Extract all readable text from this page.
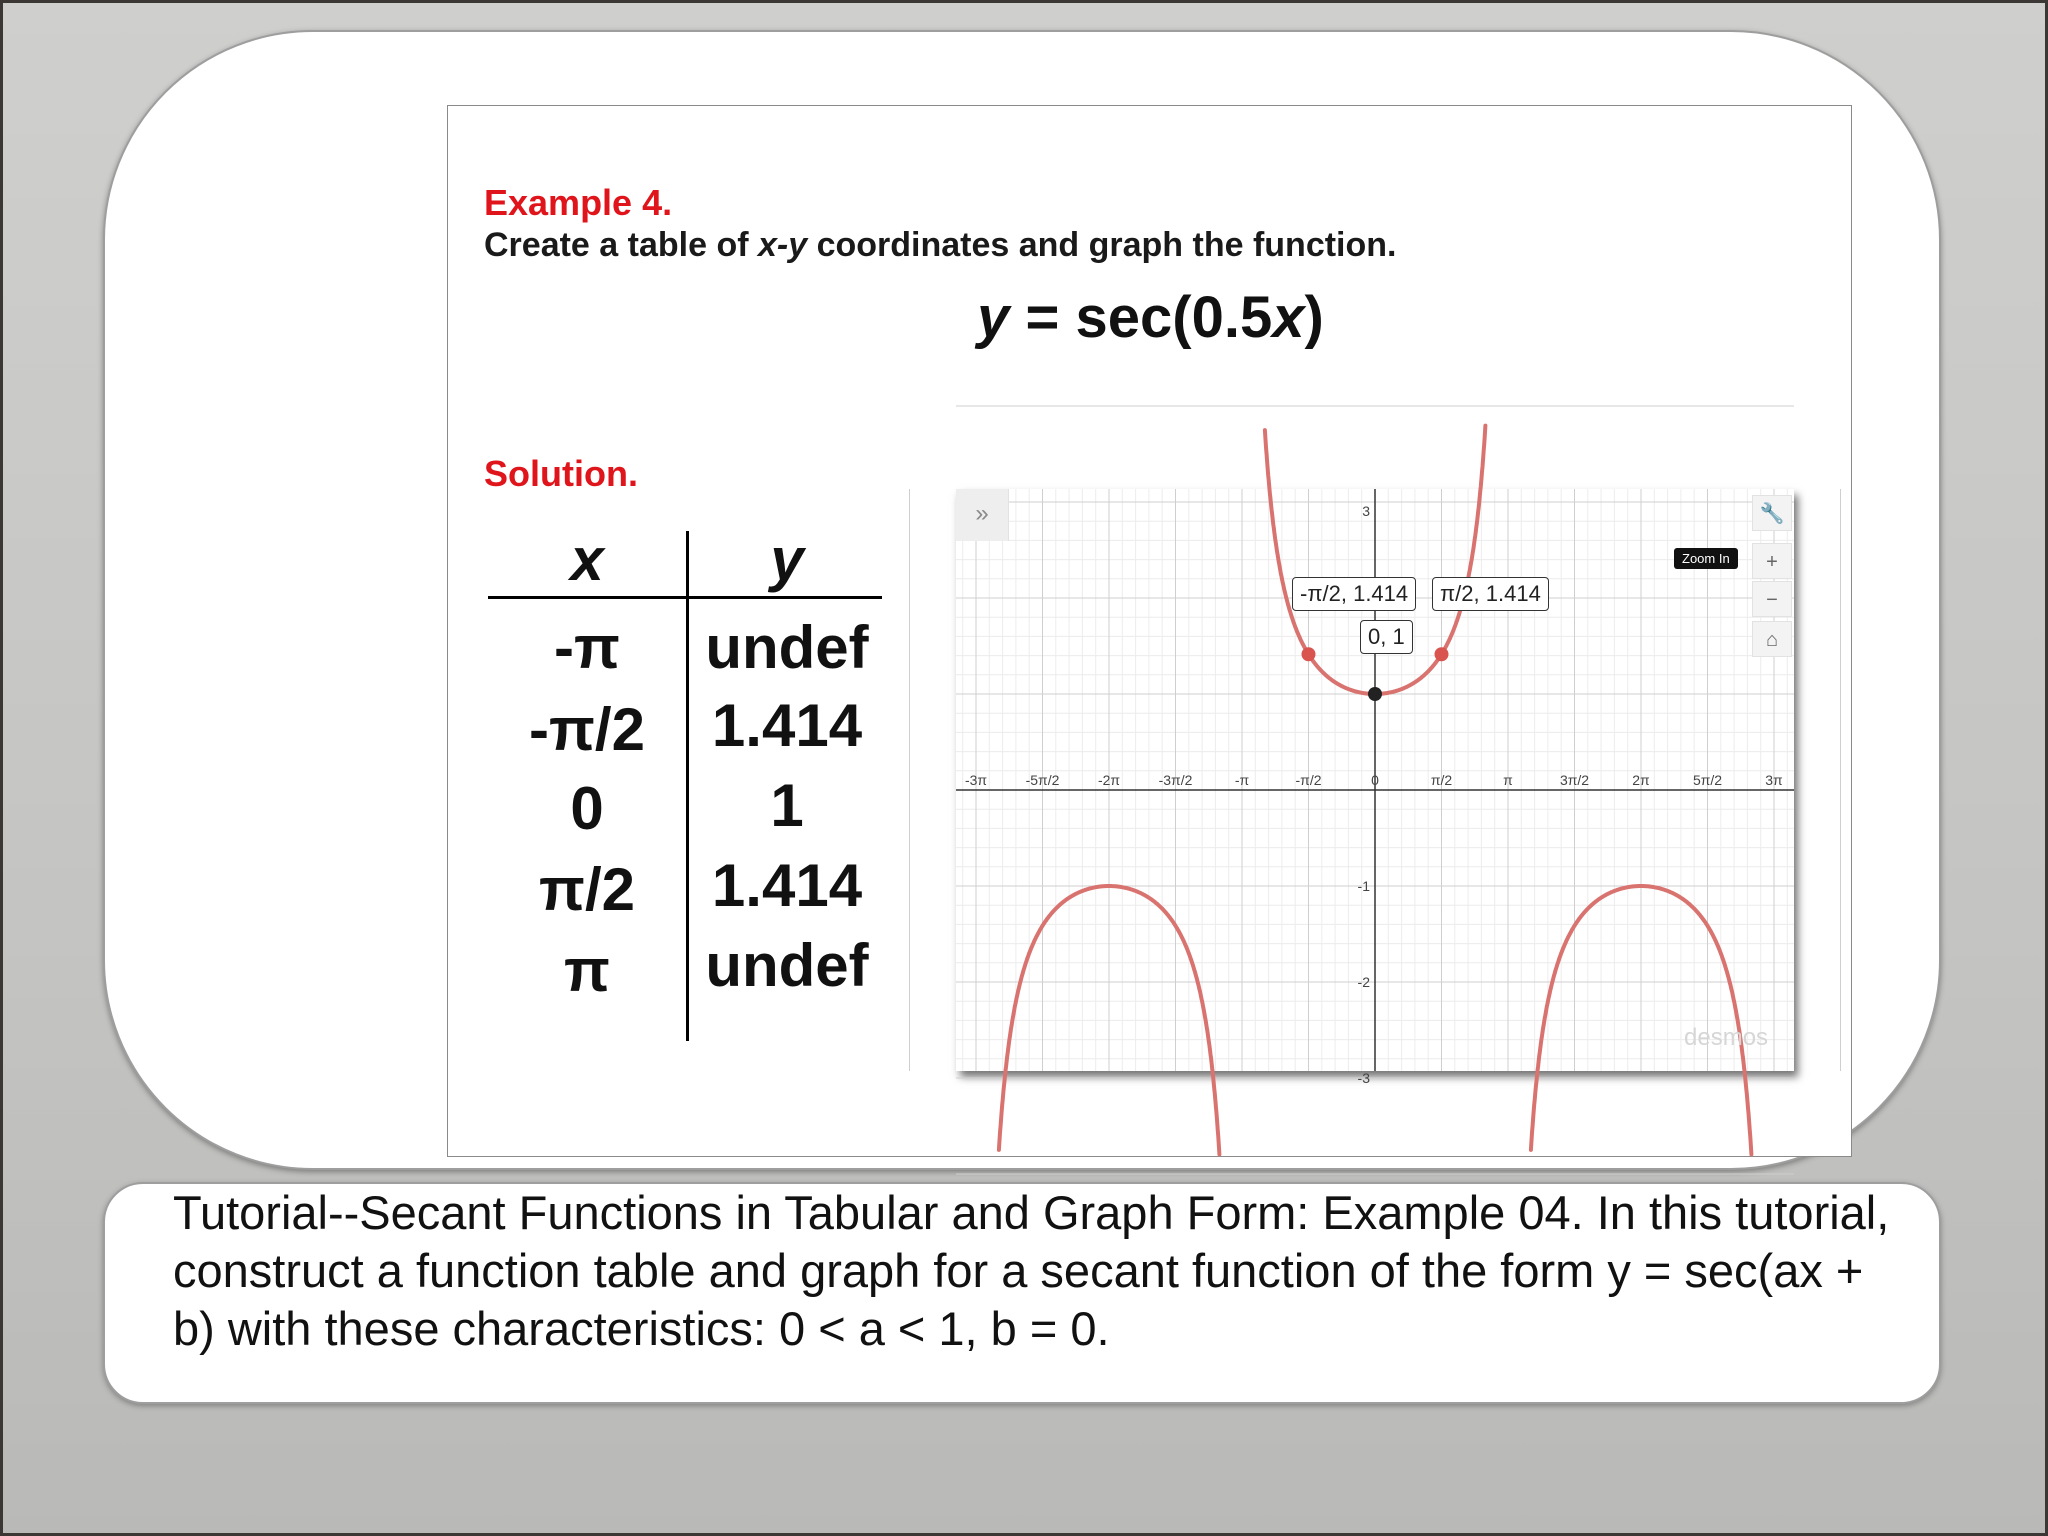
Example 4.
Create a table of x-y coordinates and graph the function.
y = sec(0.5x)
Solution.
x	y
-π	undef
-π/2	1.414
0	1
π/2	1.414
π	undef
-3π	-5π/2	-2π	-3π/2	-π	-π/2	0	π/2	π	3π/2	2π	5π/2	3π
3
-1
-2
-3
»	🔧
+
−
⌂
Zoom In
-π/2, 1.414	π/2, 1.414
0, 1
desmos
Tutorial--Secant Functions in Tabular and Graph Form: Example 04. In this tutorial, construct a function table and graph for a secant function of the form y = sec(ax + b) with these characteristics: 0 < a < 1, b = 0.
